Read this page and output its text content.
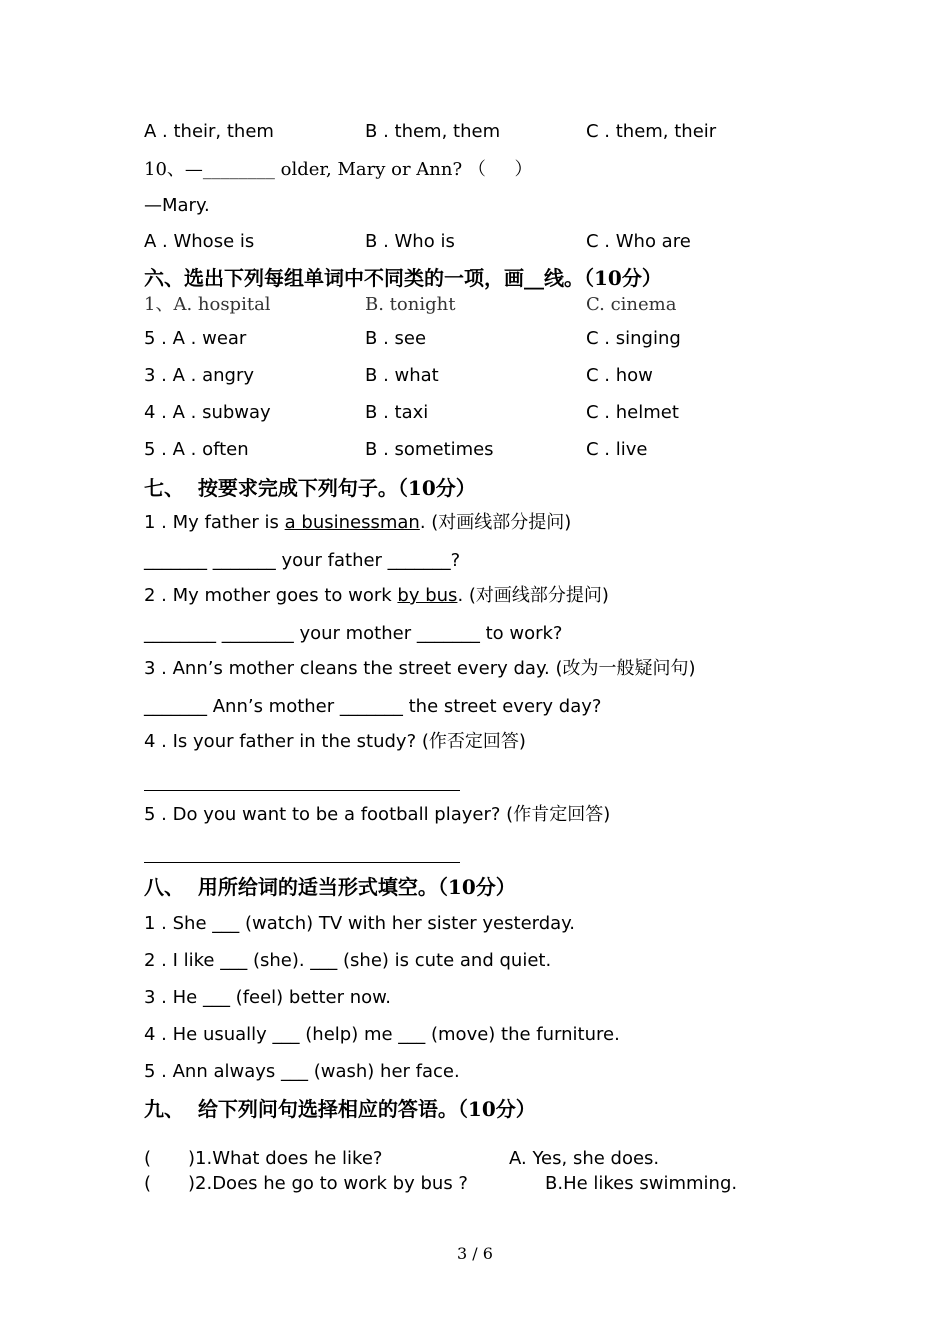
A . their, them	B . them, them	C . them, their
10、—________ older, Mary or Ann? （     ）
—Mary.
A . Whose is	B . Who is	C . Who are
六、选出下列每组单词中不同类的一项，画__线。（10分）
1、A. hospital	B. tonight	C. cinema
5 . A . wear	B . see	C . singing
3 . A . angry	B . what	C . how
4 . A . subway	B . taxi	C . helmet
5 . A . often	B . sometimes	C . live
七、  按要求完成下列句子。（10分）
1 . My father is a businessman. (对画线部分提问)
_______ _______ your father _______?
2 . My mother goes to work by bus. (对画线部分提问)
________ ________ your mother _______ to work?
3 . Ann’s mother cleans the street every day. (改为一般疑问句)
_______ Ann’s mother _______ the street every day?
4 . Is your father in the study? (作否定回答)
5 . Do you want to be a football player? (作肯定回答)
八、  用所给词的适当形式填空。（10分）
1 . She ___ (watch) TV with her sister yesterday.
2 . I like ___ (she). ___ (she) is cute and quiet.
3 . He ___ (feel) better now.
4 . He usually ___ (help) me ___ (move) the furniture.
5 . Ann always ___ (wash) her face.
九、  给下列问句选择相应的答语。（10分）
( )1.What does he like?	A. Yes, she does.
( )2.Does he go to work by bus ?	B.He likes swimming.
3 / 6
